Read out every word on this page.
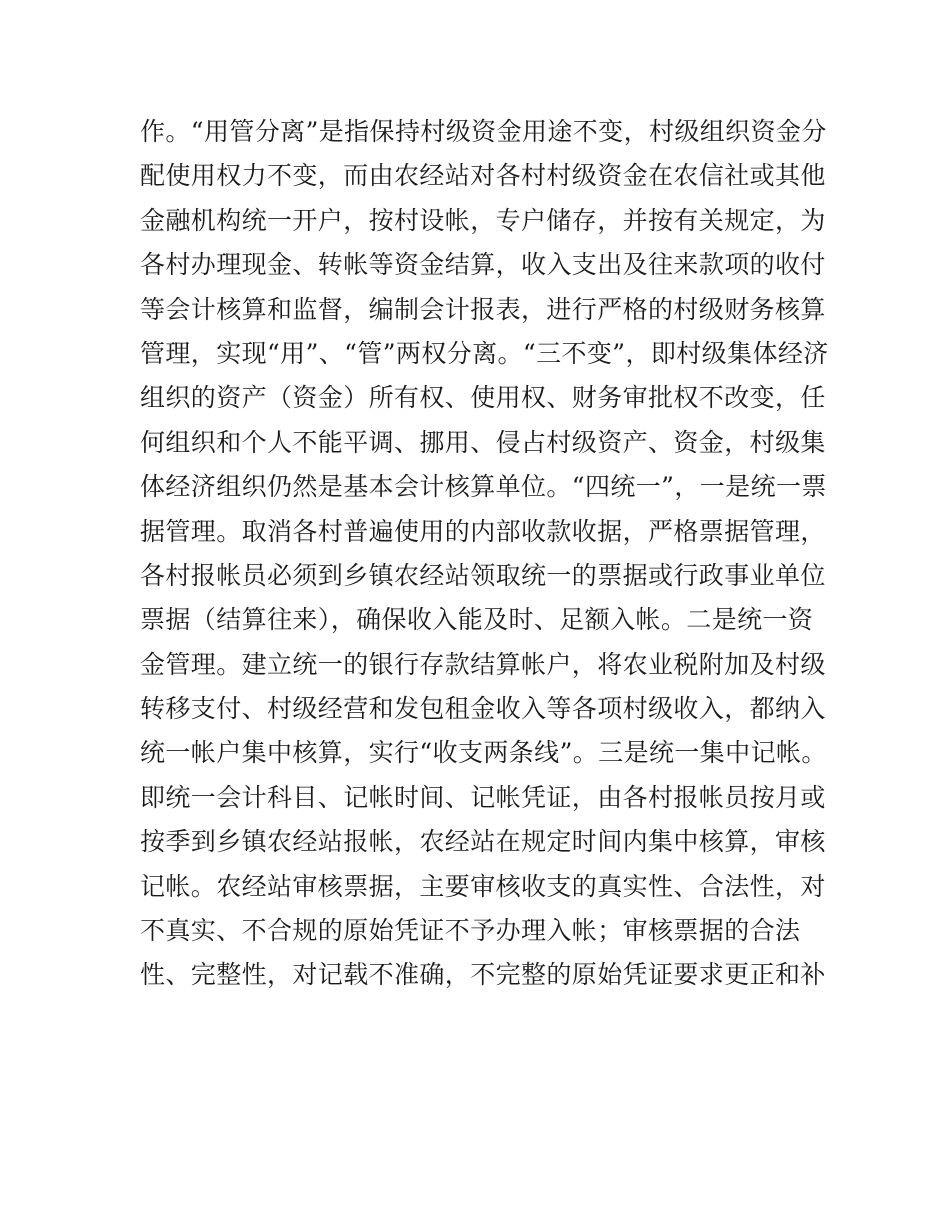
作。“用管分离”是指保持村级资金用途不变，村级组织资金分
配使用权力不变，而由农经站对各村村级资金在农信社或其他
金融机构统一开户，按村设帐，专户储存，并按有关规定，为
各村办理现金、转帐等资金结算，收入支出及往来款项的收付
等会计核算和监督，编制会计报表，进行严格的村级财务核算
管理，实现“用”、“管”两权分离。“三不变”，即村级集体经济
组织的资产（资金）所有权、使用权、财务审批权不改变，任
何组织和个人不能平调、挪用、侵占村级资产、资金，村级集
体经济组织仍然是基本会计核算单位。“四统一”，一是统一票
据管理。取消各村普遍使用的内部收款收据，严格票据管理，
各村报帐员必须到乡镇农经站领取统一的票据或行政事业单位
票据（结算往来），确保收入能及时、足额入帐。二是统一资
金管理。建立统一的银行存款结算帐户，将农业税附加及村级
转移支付、村级经营和发包租金收入等各项村级收入，都纳入
统一帐户集中核算，实行“收支两条线”。三是统一集中记帐。
即统一会计科目、记帐时间、记帐凭证，由各村报帐员按月或
按季到乡镇农经站报帐，农经站在规定时间内集中核算，审核
记帐。农经站审核票据，主要审核收支的真实性、合法性，对
不真实、不合规的原始凭证不予办理入帐；审核票据的合法
性、完整性，对记载不准确，不完整的原始凭证要求更正和补
